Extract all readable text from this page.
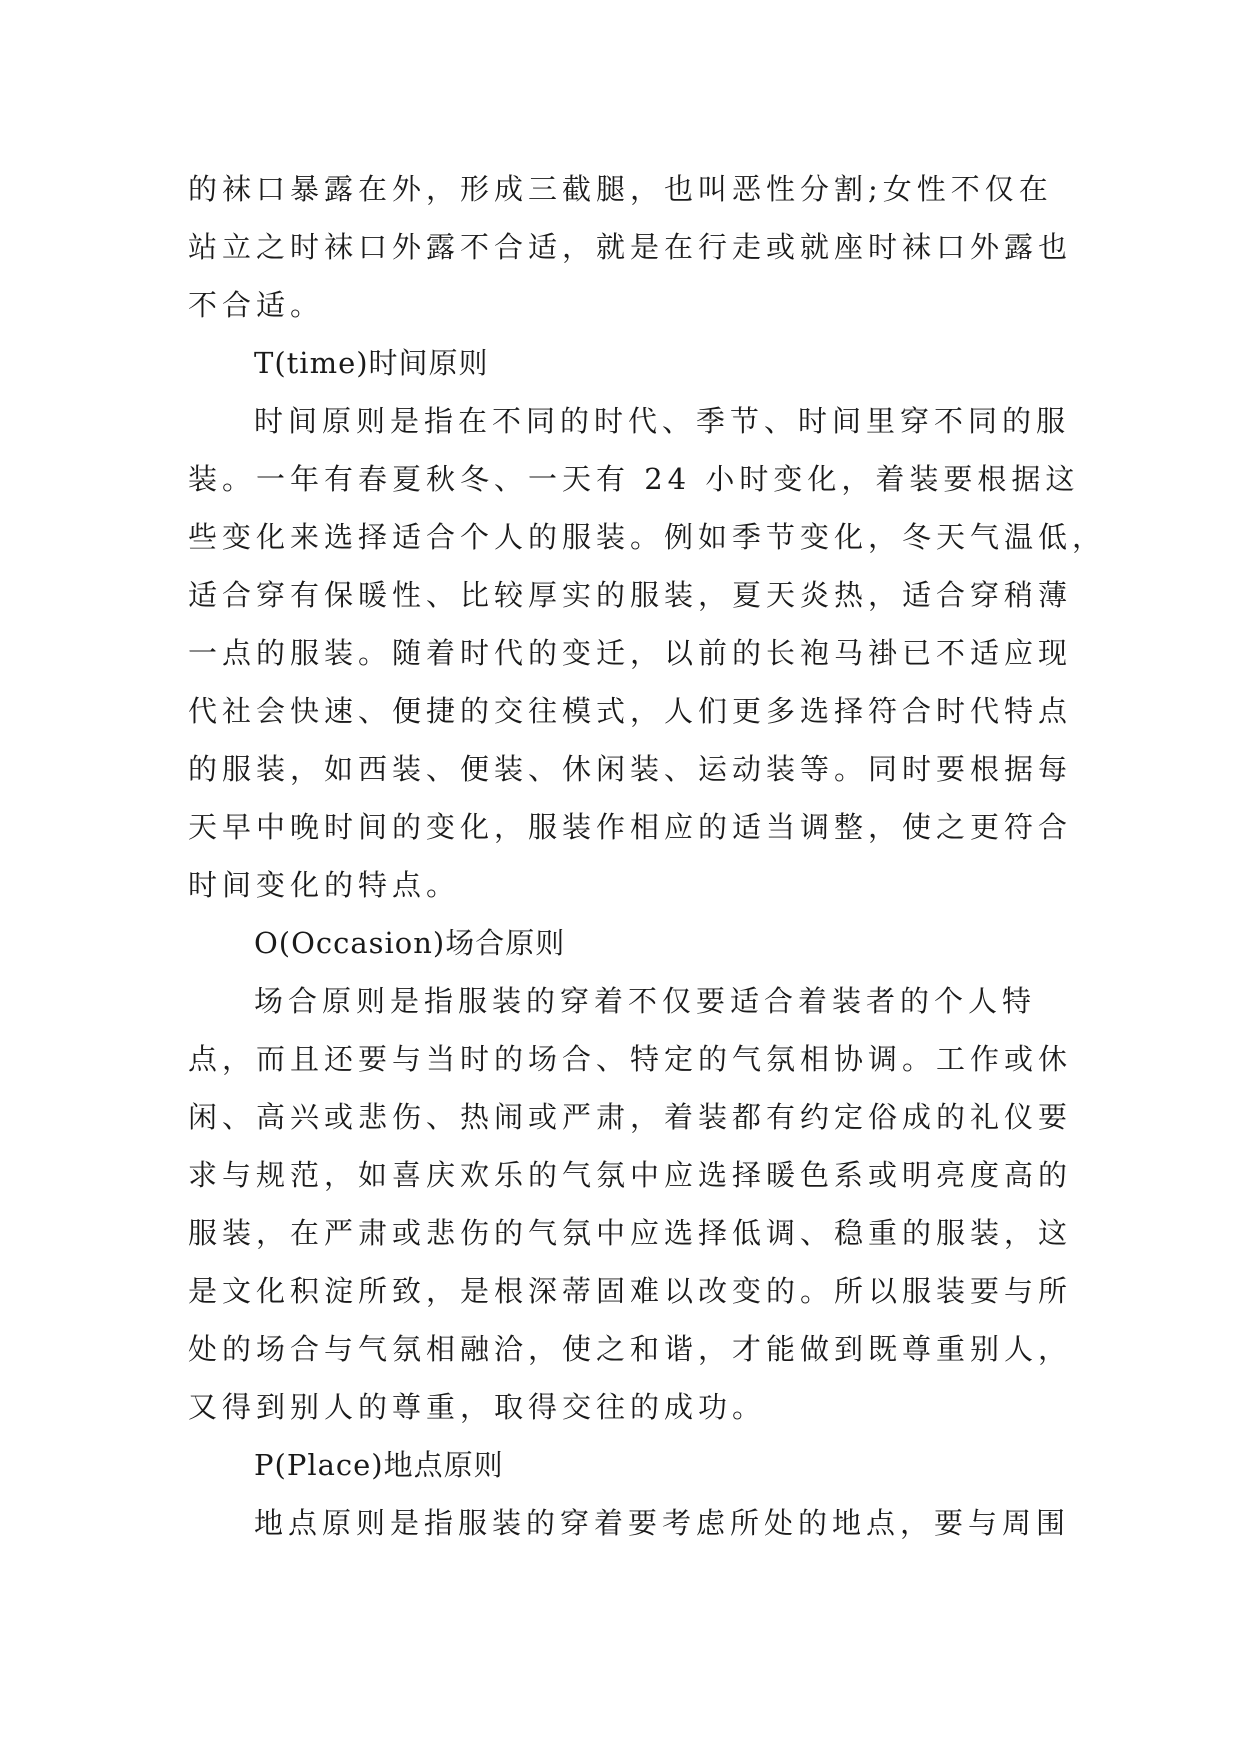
的袜口暴露在外，形成三截腿，也叫恶性分割;女性不仅在
站立之时袜口外露不合适，就是在行走或就座时袜口外露也
不合适。
T(time)时间原则
时间原则是指在不同的时代、季节、时间里穿不同的服
装。一年有春夏秋冬、一天有 24 小时变化，着装要根据这
些变化来选择适合个人的服装。例如季节变化，冬天气温低，
适合穿有保暖性、比较厚实的服装，夏天炎热，适合穿稍薄
一点的服装。随着时代的变迁，以前的长袍马褂已不适应现
代社会快速、便捷的交往模式，人们更多选择符合时代特点
的服装，如西装、便装、休闲装、运动装等。同时要根据每
天早中晚时间的变化，服装作相应的适当调整，使之更符合
时间变化的特点。
O(Occasion)场合原则
场合原则是指服装的穿着不仅要适合着装者的个人特
点，而且还要与当时的场合、特定的气氛相协调。工作或休
闲、高兴或悲伤、热闹或严肃，着装都有约定俗成的礼仪要
求与规范，如喜庆欢乐的气氛中应选择暖色系或明亮度高的
服装，在严肃或悲伤的气氛中应选择低调、稳重的服装，这
是文化积淀所致，是根深蒂固难以改变的。所以服装要与所
处的场合与气氛相融洽，使之和谐，才能做到既尊重别人，
又得到别人的尊重，取得交往的成功。
P(Place)地点原则
地点原则是指服装的穿着要考虑所处的地点，要与周围
